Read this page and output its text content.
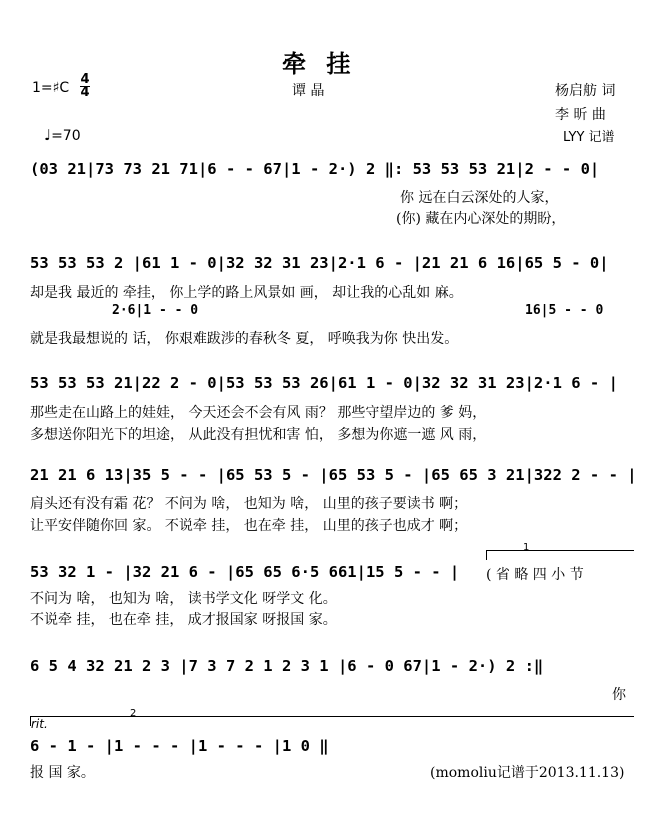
牵 挂
1=♯C
4
4	谭 晶	杨启舫 词
李 昕 曲
♩=70	LYY 记谱
(03 21|73 73 21 71|6 - - 67|1 - 2·) 2 ‖: 53 53 53 21|2 - - 0|
你 远在白云深处的人家，
(你) 藏在内心深处的期盼，
53 53 53 2 |61 1 - 0|32 32 31 23|2·1 6 - |21 21 6 16|65 5 - 0|
却是我 最近的 牵挂， 你上学的路上风景如 画， 却让我的心乱如 麻。
2·6|1 - - 0	16|5 - - 0
就是我最想说的 话， 你艰难跋涉的春秋冬 夏， 呼唤我为你 快出发。
53 53 53 21|22 2 - 0|53 53 53 26|61 1 - 0|32 32 31 23|2·1 6 - |
那些走在山路上的娃娃， 今天还会不会有风 雨？ 那些守望岸边的 爹 妈，
多想送你阳光下的坦途， 从此没有担忧和害 怕， 多想为你遮一遮 风 雨，
21 21 6 13|35 5 - - |65 53 5 - |65 53 5 - |65 65 3 21|322 2 - - |
肩头还有没有霜 花？ 不问为 啥， 也知为 啥， 山里的孩子要读书 啊；
让平安伴随你回 家。 不说牵 挂， 也在牵 挂， 山里的孩子也成才 啊；
1
53 32 1 - |32 21 6 - |65 65 6·5 661|15 5 - - | ( 省 略 四 小 节
不问为 啥， 也知为 啥， 读书学文化 呀学文 化。
不说牵 挂， 也在牵 挂， 成才报国家 呀报国 家。
6 5 4 32 21 2 3 |7 3 7 2 1 2 3 1 |6 - 0 67|1 - 2·) 2 :‖
你
rit.
2
6 - 1 - |1 - - - |1 - - - |1 0 ‖
报 国 家。	(momoliu记谱于2013.11.13)
